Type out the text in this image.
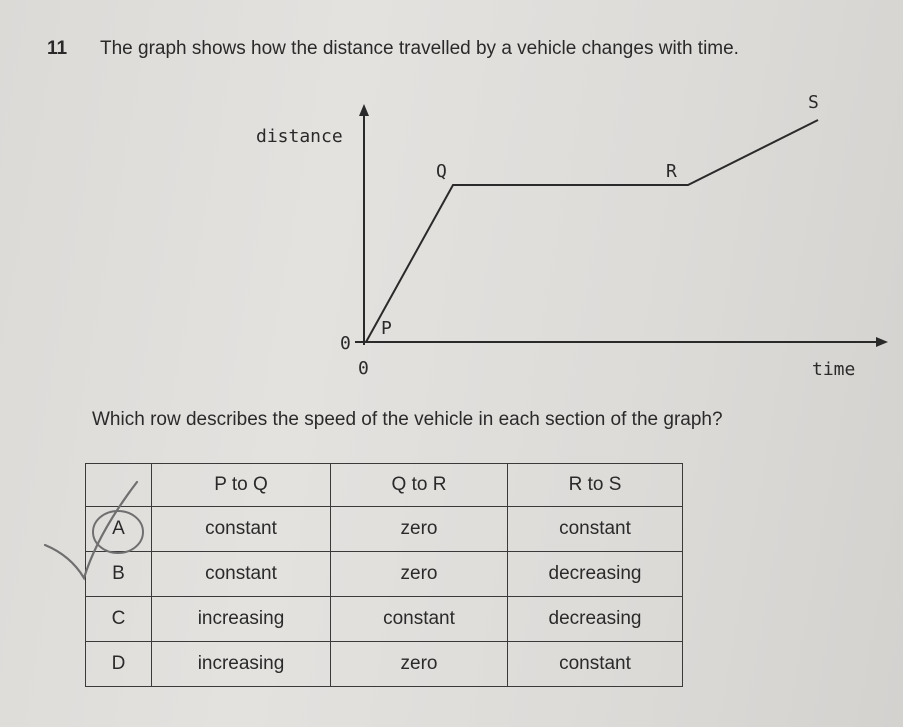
11 The graph shows how the distance travelled by a vehicle changes with time.
distance
time
0
0
P
Q	R
S
Which row describes the speed of the vehicle in each section of the graph?
	P to Q	Q to R	R to S
A	constant	zero	constant
B	constant	zero	decreasing
C	increasing	constant	decreasing
D	increasing	zero	constant
